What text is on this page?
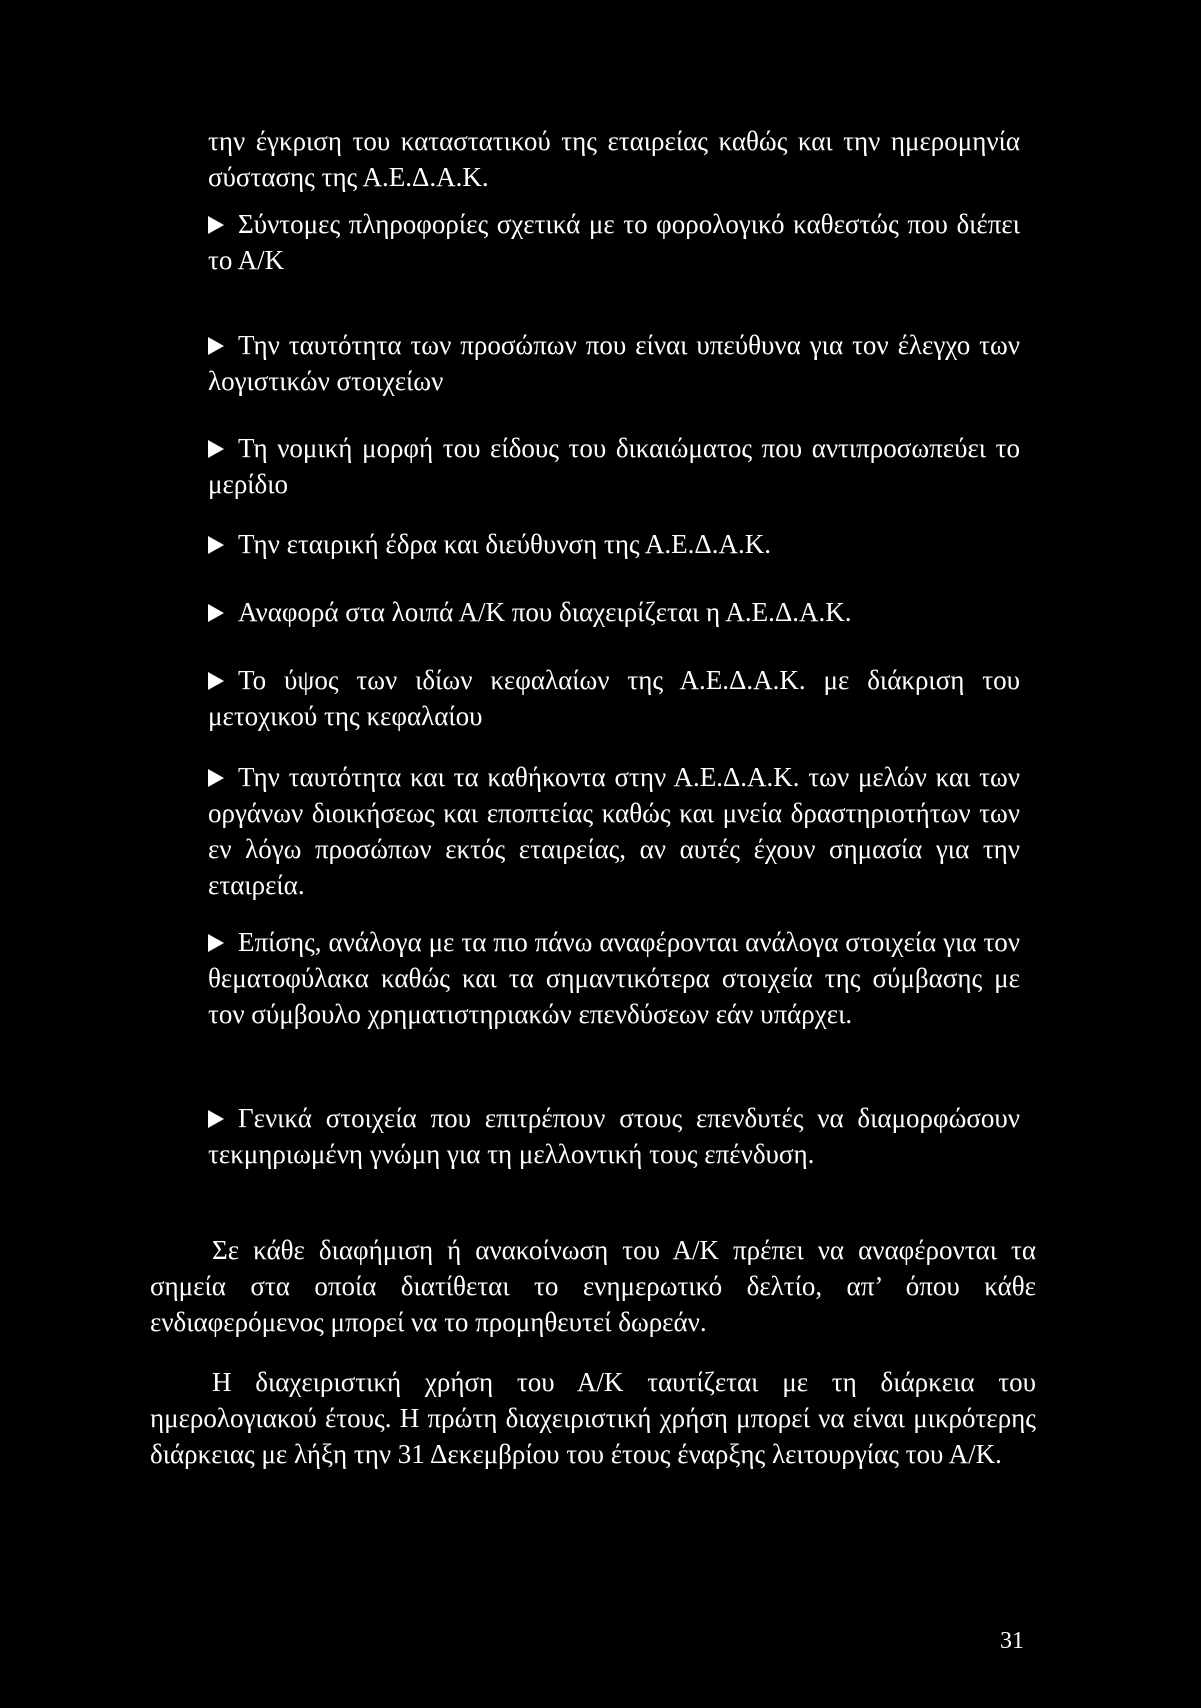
την έγκριση του καταστατικού της εταιρείας καθώς και την ημερομηνία σύστασης της Α.Ε.Δ.Α.Κ.

Σύντομες πληροφορίες σχετικά με το φορολογικό καθεστώς που διέπει το Α/Κ

Την ταυτότητα των προσώπων που είναι υπεύθυνα για τον έλεγχο των λογιστικών στοιχείων

Τη νομική μορφή του είδους του δικαιώματος που αντιπροσωπεύει το μερίδιο

Την εταιρική έδρα και διεύθυνση της Α.Ε.Δ.Α.Κ.

Αναφορά στα λοιπά Α/Κ που διαχειρίζεται η Α.Ε.Δ.Α.Κ.

Το ύψος των ιδίων κεφαλαίων της Α.Ε.Δ.Α.Κ. με διάκριση του μετοχικού της κεφαλαίου

Την ταυτότητα και τα καθήκοντα στην Α.Ε.Δ.Α.Κ. των μελών και των οργάνων διοικήσεως και εποπτείας καθώς και μνεία δραστηριοτήτων των εν λόγω προσώπων εκτός εταιρείας, αν αυτές έχουν σημασία για την εταιρεία.

Επίσης, ανάλογα με τα πιο πάνω αναφέρονται ανάλογα στοιχεία για τον θεματοφύλακα καθώς και τα σημαντικότερα στοιχεία της σύμβασης με τον σύμβουλο χρηματιστηριακών επενδύσεων εάν υπάρχει.

Γενικά στοιχεία που επιτρέπουν στους επενδυτές να διαμορφώσουν τεκμηριωμένη γνώμη για τη μελλοντική τους επένδυση.

Σε κάθε διαφήμιση ή ανακοίνωση του Α/Κ πρέπει να αναφέρονται τα σημεία στα οποία διατίθεται το ενημερωτικό δελτίο, απ’ όπου κάθε ενδιαφερόμενος μπορεί να το προμηθευτεί δωρεάν.

Η διαχειριστική χρήση του Α/Κ ταυτίζεται με τη διάρκεια του ημερολογιακού έτους. Η πρώτη διαχειριστική χρήση μπορεί να είναι μικρότερης διάρκειας με λήξη την 31 Δεκεμβρίου του έτους έναρξης λειτουργίας του Α/Κ.

31
